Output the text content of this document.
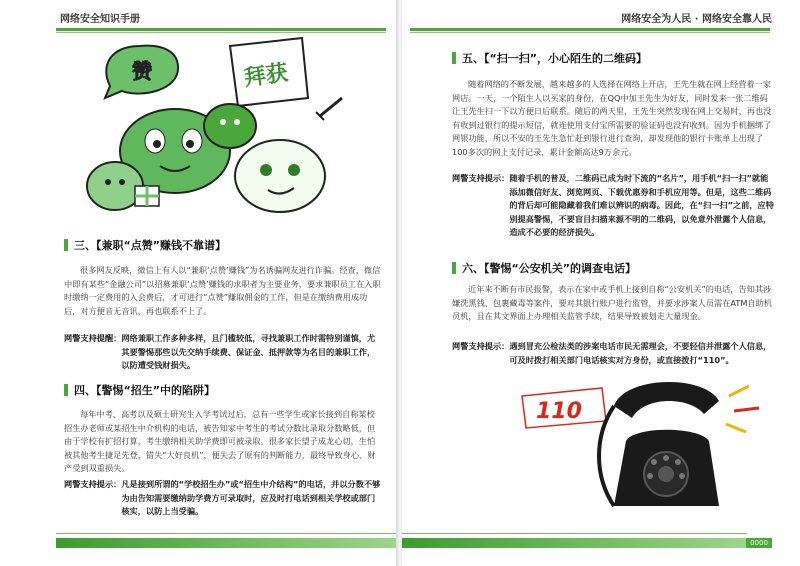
网络安全知识手册
赞	拜获
三、【兼职“点赞”赚钱不靠谱】

很多网友反映，微信上有人以“兼职‘点赞’赚钱”为名诱骗网友进行诈骗。经查，微信中即有某些“金融公司”以招募兼职‘点赞’赚钱的求职者为主要业务，要求兼职员工在入职时缴纳一定费用的入会费后，才可进行“点赞”赚取佣金的工作，但是在缴纳费用成功后，对方便音无音讯，再也联系不上了。

网警支持提醒： 网络兼职工作多种多样，且门槛较低，寻找兼职工作时需特别谨慎，尤其要警惕那些以先交纳手续费、保证金、抵押款等为名目的兼职工作，以防遭受钱财损失。
四、【警惕“招生”中的陷阱】

每年中考、高考以及硕士研究生入学考试过后，总有一些学生或家长接到自称某校招生办老师或某招生中介机构的电话，被告知家中考生的考试分数比录取分数略低，但由于学校有扩招打算，考生缴纳相关助学费即可被录取。很多家长望子成龙心切，生怕被其他考生捷足先登，错失“大好良机”，便失去了原有的判断能力，最终导致身心、财产受到双重损失。

网警支持提示： 凡是接到所谓的“学校招生办”或“招生中介结构”的电话，并以分数不够为由告知需要缴纳助学费方可录取时，应及时打电话到相关学校或部门核实，以防上当受骗。
网络安全为人民 · 网络安全靠人民
五、【“扫一扫”，小心陌生的二维码】

随着网络的不断发展，越来越多的人选择在网络上开店，王先生就在网上经营着一家网店。一天，一个陌生人以买家的身份，在QQ中加王先生为好友，同时发来一张二维码让王先生扫一下以方便日后联系。随后的两天里，王先生突然发现在网上交易时，再也没有收到过银行的提示短信，就连使用支付宝所需要的验证码也没有收到。因为手机捆绑了网银功能，所以不安的王先生急忙赶到银行进行查询，却发现他的银行卡账单上出现了100多次的网上支付记录，累计金额高达9万余元。

网警支持提示： 随着手机的普及，二维码已成为时下流的“名片”，用手机“扫一扫”就能添加微信好友、浏览网页、下载优惠券和手机应用等。但是，这些二维码的背后却可能隐藏着我们难以辨识的病毒。因此，在“扫一扫”之前，应特别提高警惕，不要盲目扫描来源不明的二维码，以免意外泄露个人信息，造成不必要的经济损失。
六、【警惕“公安机关”的调查电话】

近年来不断有市民报警，表示在家中或手机上接到自称“公安机关”的电话，告知其涉嫌洗黑钱、包裹藏毒等案件，要对其银行账户进行监管，并要求涉案人员需在ATM自助机员机，且在其文界面上办理相关监管手续，结果导致被划走大量现金。

网警支持提示： 遇到冒充公检法类的涉案电话市民无需理会，不要轻信并泄露个人信息，可及时拨打相关部门电话核实对方身份，或直接拨打“110”。
110
0000
